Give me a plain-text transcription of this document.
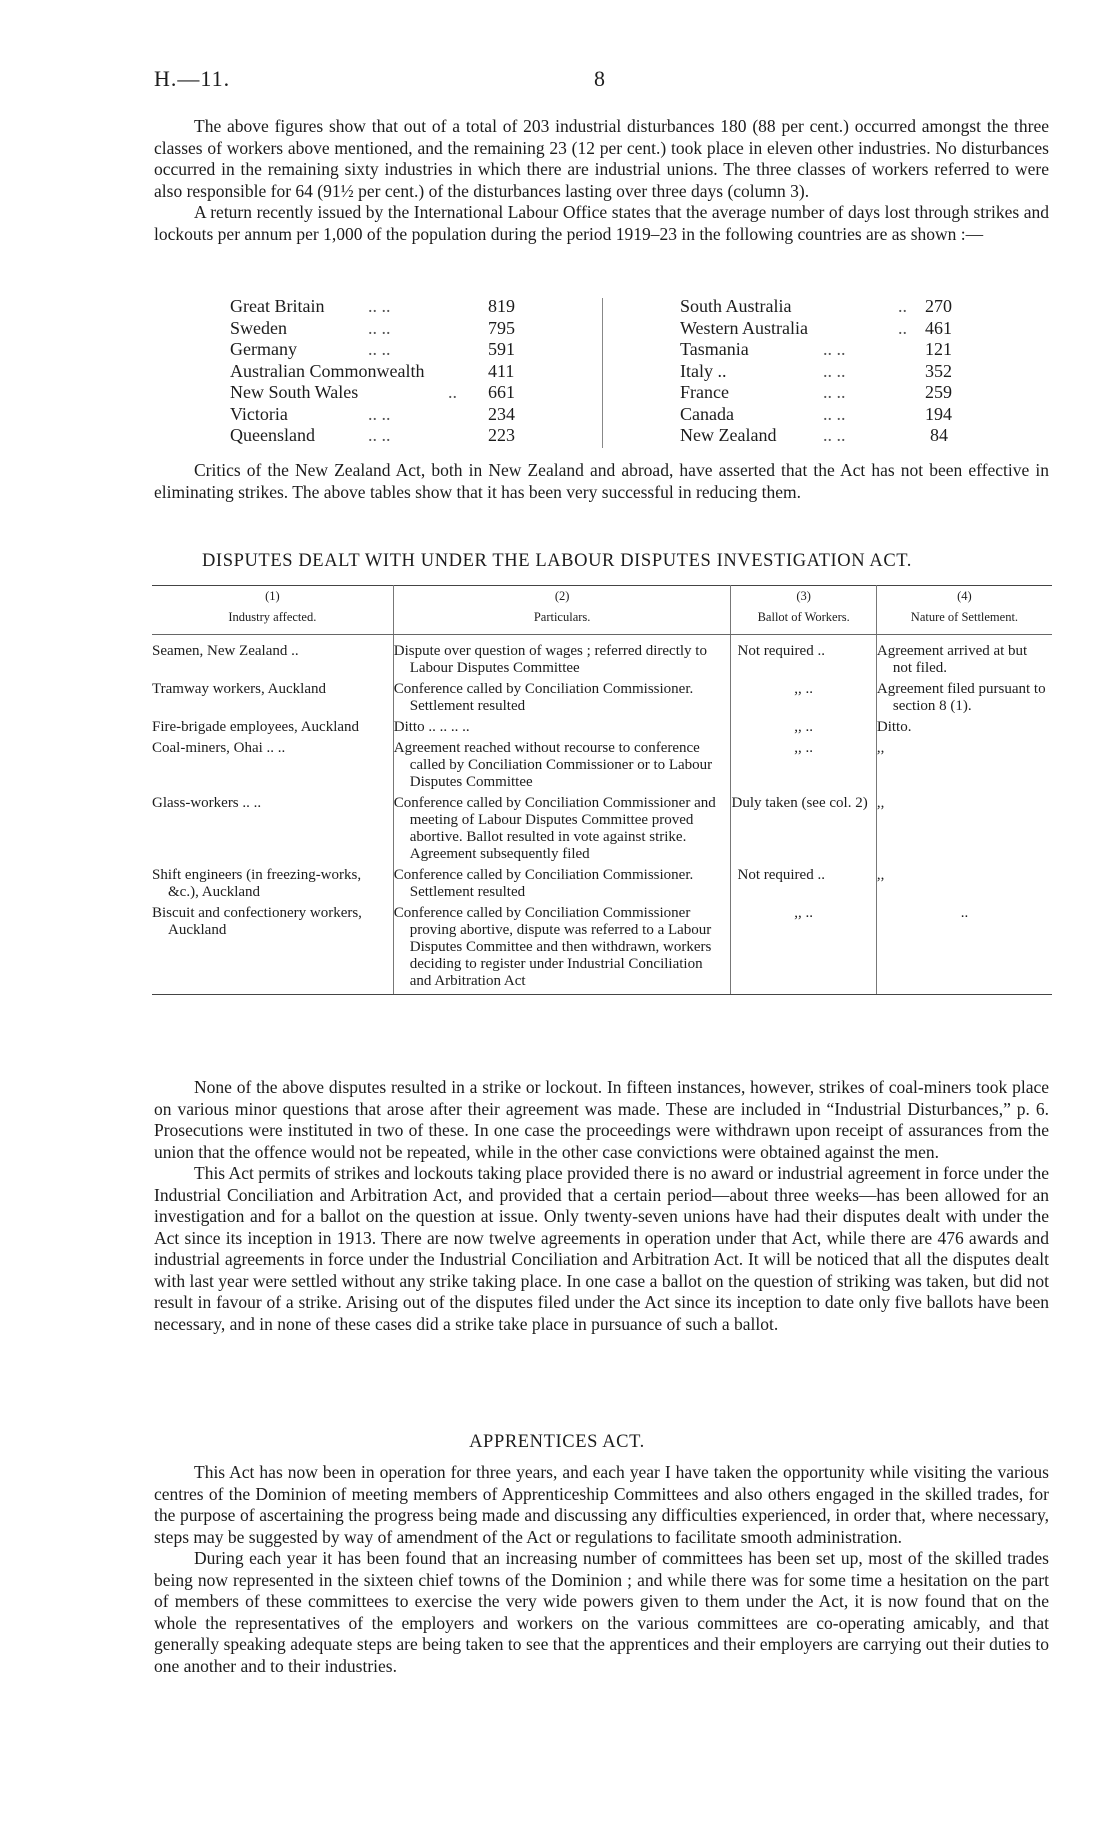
H.—11.	8

The above figures show that out of a total of 203 industrial disturbances 180 (88 per cent.) occurred amongst the three classes of workers above mentioned, and the remaining 23 (12 per cent.) took place in eleven other industries. No disturbances occurred in the remaining sixty industries in which there are industrial unions. The three classes of workers referred to were also responsible for 64 (91½ per cent.) of the disturbances lasting over three days (column 3).

A return recently issued by the International Labour Office states that the average number of days lost through strikes and lockouts per annum per 1,000 of the population during the period 1919–23 in the following countries are as shown :—

Great Britain .. ..	819
Sweden	.. ..	795
Germany	.. ..	591
Australian Commonwealth	411
New South Wales	.. 661
Victoria	.. ..	234
Queensland	.. ..	223
South Australia	.. 270
Western Australia	.. 461
Tasmania	.. ..	121
Italy ..	.. ..	352
France	.. ..	259
Canada	.. ..	194
New Zealand	.. ..	84

Critics of the New Zealand Act, both in New Zealand and abroad, have asserted that the Act has not been effective in eliminating strikes. The above tables show that it has been very successful in reducing them.

DISPUTES DEALT WITH UNDER THE LABOUR DISPUTES INVESTIGATION ACT.
(1)	(2)	(3)	(4)
Industry affected.	Particulars.	Ballot of Workers.	Nature of Settlement.
Seamen, New Zealand ..	Dispute over question of wages ; referred directly to Labour Disputes Committee	Not required ..	Agreement arrived at but not filed.
Tramway workers, Auckland	Conference called by Conciliation Commissioner. Settlement resulted	,, ..	Agreement filed pursuant to section 8 (1).
Fire-brigade employees, Auckland	Ditto .. .. .. ..	,, ..	Ditto.
Coal-miners, Ohai .. ..	Agreement reached without recourse to conference called by Conciliation Commissioner or to Labour Disputes Committee	,, ..	,,
Glass-workers .. ..	Conference called by Conciliation Commissioner and meeting of Labour Disputes Committee proved abortive. Ballot resulted in vote against strike. Agreement subsequently filed	Duly taken (see col. 2)	,,
Shift engineers (in freezing-works, &c.), Auckland	Conference called by Conciliation Commissioner. Settlement resulted	Not required ..	,,
Biscuit and confectionery workers, Auckland	Conference called by Conciliation Commissioner proving abortive, dispute was referred to a Labour Disputes Committee and then withdrawn, workers deciding to register under Industrial Conciliation and Arbitration Act	,, ..	..

None of the above disputes resulted in a strike or lockout. In fifteen instances, however, strikes of coal-miners took place on various minor questions that arose after their agreement was made. These are included in “Industrial Disturbances,” p. 6. Prosecutions were instituted in two of these. In one case the proceedings were withdrawn upon receipt of assurances from the union that the offence would not be repeated, while in the other case convictions were obtained against the men.

This Act permits of strikes and lockouts taking place provided there is no award or industrial agreement in force under the Industrial Conciliation and Arbitration Act, and provided that a certain period—about three weeks—has been allowed for an investigation and for a ballot on the question at issue. Only twenty-seven unions have had their disputes dealt with under the Act since its inception in 1913. There are now twelve agreements in operation under that Act, while there are 476 awards and industrial agreements in force under the Industrial Conciliation and Arbitration Act. It will be noticed that all the disputes dealt with last year were settled without any strike taking place. In one case a ballot on the question of striking was taken, but did not result in favour of a strike. Arising out of the disputes filed under the Act since its inception to date only five ballots have been necessary, and in none of these cases did a strike take place in pursuance of such a ballot.

APPRENTICES ACT.

This Act has now been in operation for three years, and each year I have taken the opportunity while visiting the various centres of the Dominion of meeting members of Apprenticeship Committees and also others engaged in the skilled trades, for the purpose of ascertaining the progress being made and discussing any difficulties experienced, in order that, where necessary, steps may be suggested by way of amendment of the Act or regulations to facilitate smooth administration.

During each year it has been found that an increasing number of committees has been set up, most of the skilled trades being now represented in the sixteen chief towns of the Dominion ; and while there was for some time a hesitation on the part of members of these committees to exercise the very wide powers given to them under the Act, it is now found that on the whole the representatives of the employers and workers on the various committees are co-operating amicably, and that generally speaking adequate steps are being taken to see that the apprentices and their employers are carrying out their duties to one another and to their industries.
